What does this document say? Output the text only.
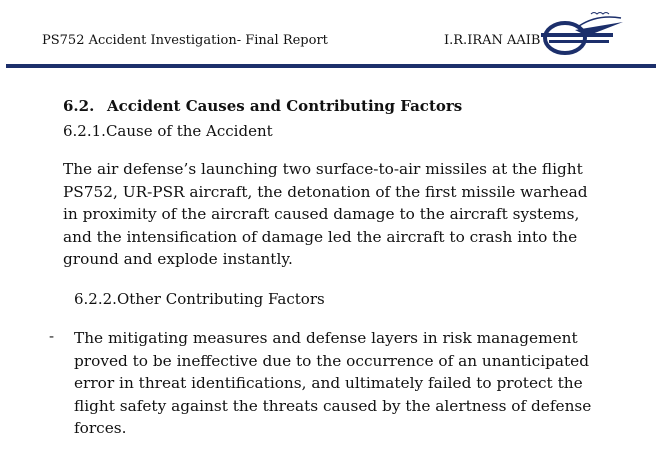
PS752 Accident Investigation- Final Report	I.R.IRAN AAIB
6.2. Accident Causes and Contributing Factors
6.2.1.Cause of the Accident

The air defense’s launching two surface-to-air missiles at the flight
PS752, UR-PSR aircraft, the detonation of the first missile warhead
in proximity of the aircraft caused damage to the aircraft systems,
and the intensification of damage led the aircraft to crash into the
ground and explode instantly.

6.2.2.Other Contributing Factors
- The mitigating measures and defense layers in risk management
proved to be ineffective due to the occurrence of an unanticipated
error in threat identifications, and ultimately failed to protect the
flight safety against the threats caused by the alertness of defense
forces.
